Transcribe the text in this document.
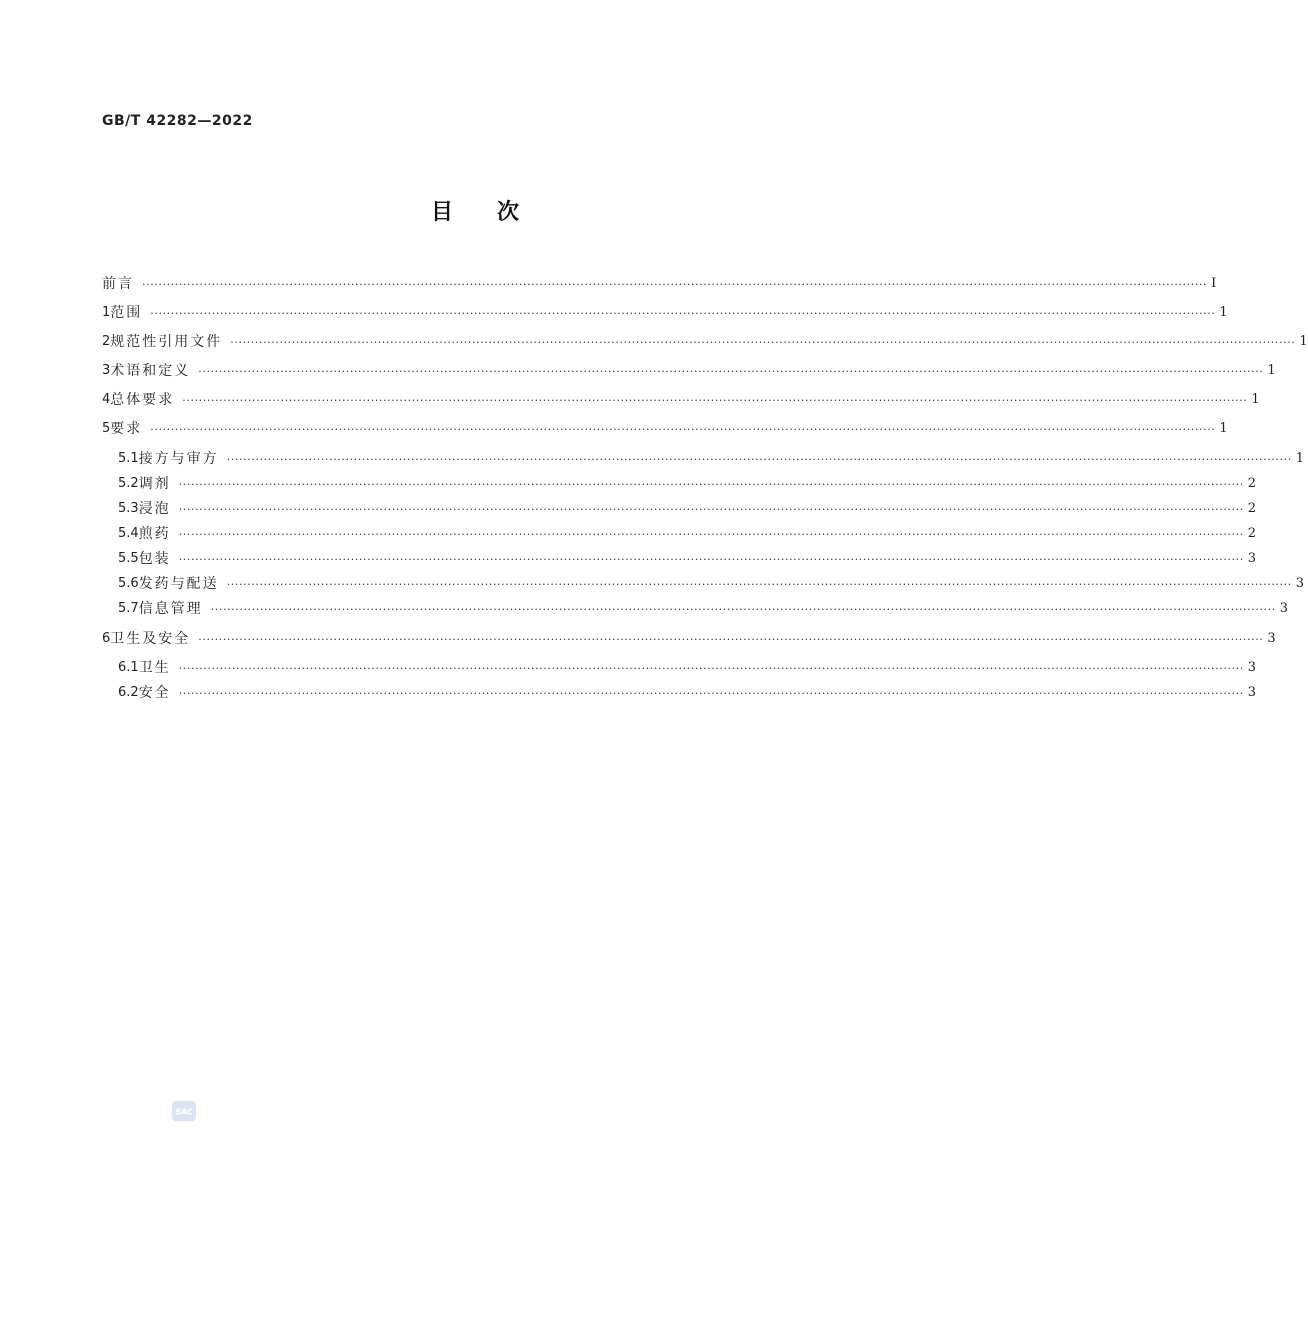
GB/T 42282—2022
目次
前言 ···································································································································································································································································· Ⅰ
1 范围 ···································································································································································································································································· 1
2 规范性引用文件 ···································································································································································································································································· 1
3 术语和定义 ···································································································································································································································································· 1
4 总体要求 ···································································································································································································································································· 1
5 要求 ···································································································································································································································································· 1
5.1 接方与审方 ···································································································································································································································································· 1
5.2 调剂 ···································································································································································································································································· 2
5.3 浸泡 ···································································································································································································································································· 2
5.4 煎药 ···································································································································································································································································· 2
5.5 包装 ···································································································································································································································································· 3
5.6 发药与配送 ···································································································································································································································································· 3
5.7 信息管理 ···································································································································································································································································· 3
6 卫生及安全 ···································································································································································································································································· 3
6.1 卫生 ···································································································································································································································································· 3
6.2 安全 ···································································································································································································································································· 3
SAC
